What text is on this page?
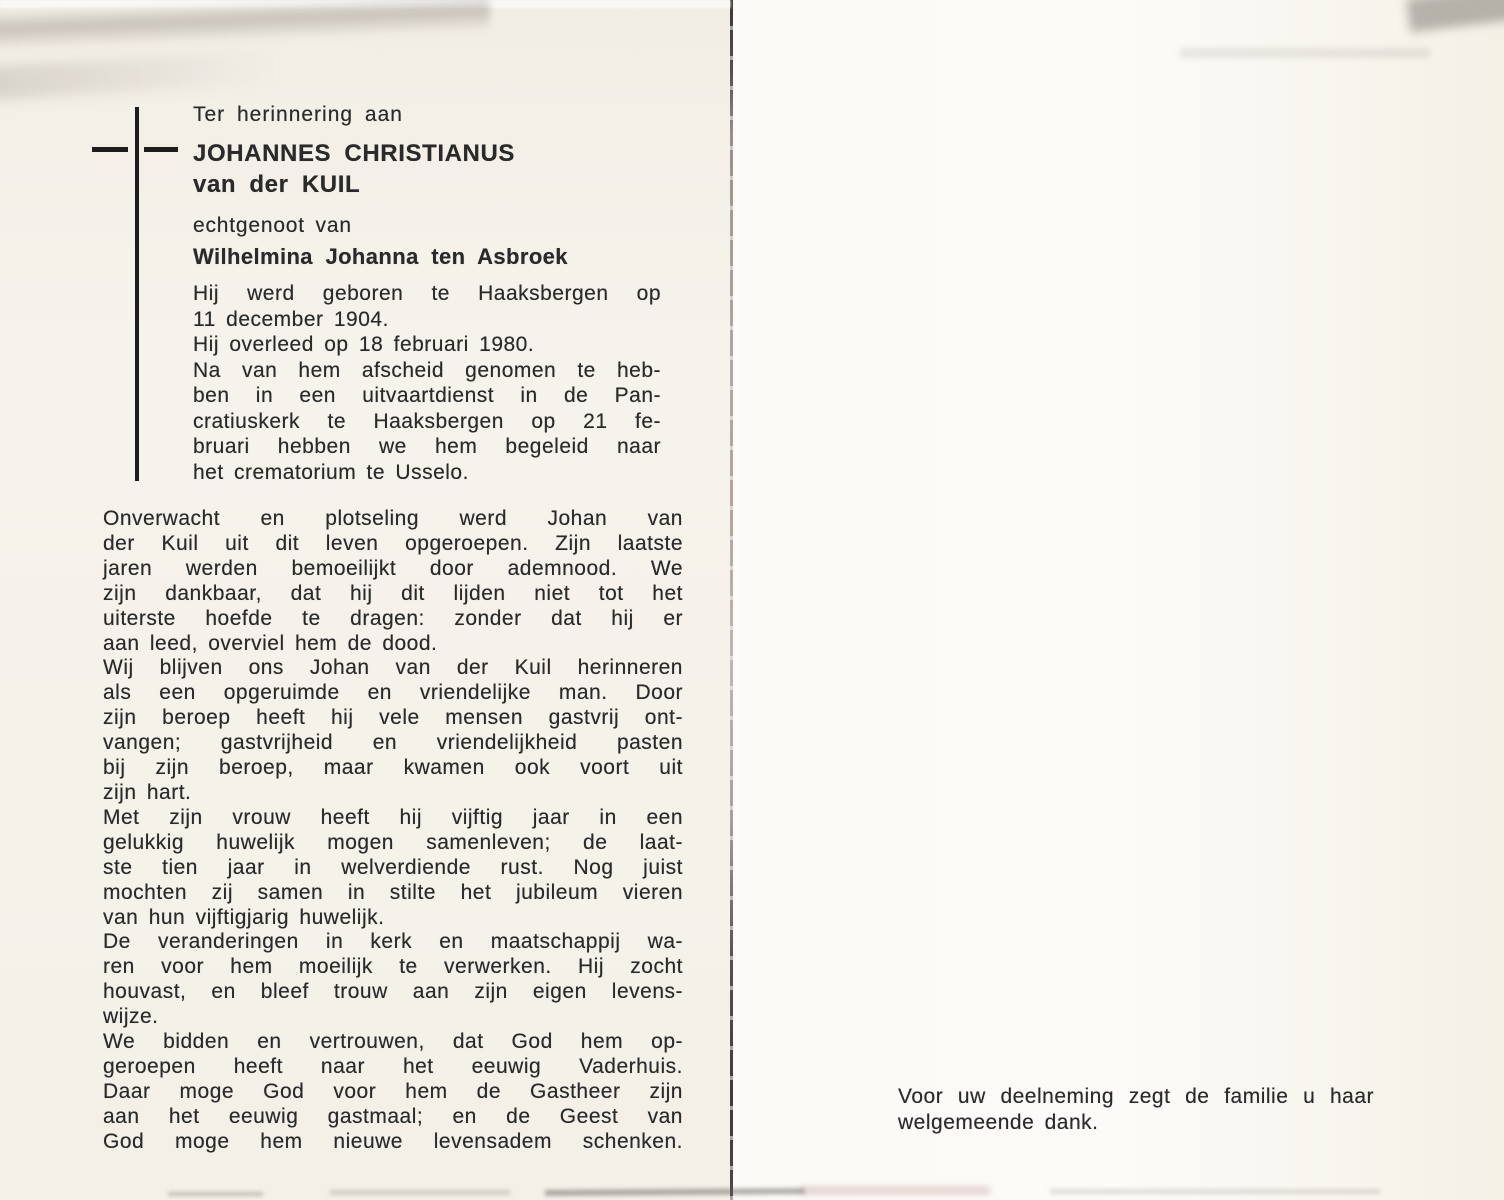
Ter herinnering aan
JOHANNES CHRISTIANUS
van der KUIL
echtgenoot van
Wilhelmina Johanna ten Asbroek
Hij werd geboren te Haaksbergen op
11 december 1904.
Hij overleed op 18 februari 1980.
Na van hem afscheid genomen te heb-
ben in een uitvaartdienst in de Pan-
cratiuskerk te Haaksbergen op 21 fe-
bruari hebben we hem begeleid naar
het crematorium te Usselo.
Onverwacht en plotseling werd Johan van
der Kuil uit dit leven opgeroepen. Zijn laatste
jaren werden bemoeilijkt door ademnood. We
zijn dankbaar, dat hij dit lijden niet tot het
uiterste hoefde te dragen: zonder dat hij er
aan leed, overviel hem de dood.
Wij blijven ons Johan van der Kuil herinneren
als een opgeruimde en vriendelijke man. Door
zijn beroep heeft hij vele mensen gastvrij ont-
vangen; gastvrijheid en vriendelijkheid pasten
bij zijn beroep, maar kwamen ook voort uit
zijn hart.
Met zijn vrouw heeft hij vijftig jaar in een
gelukkig huwelijk mogen samenleven; de laat-
ste tien jaar in welverdiende rust. Nog juist
mochten zij samen in stilte het jubileum vieren
van hun vijftigjarig huwelijk.
De veranderingen in kerk en maatschappij wa-
ren voor hem moeilijk te verwerken. Hij zocht
houvast, en bleef trouw aan zijn eigen levens-
wijze.
We bidden en vertrouwen, dat God hem op-
geroepen heeft naar het eeuwig Vaderhuis.
Daar moge God voor hem de Gastheer zijn
aan het eeuwig gastmaal; en de Geest van
God moge hem nieuwe levensadem schenken.
Voor uw deelneming zegt de familie u haar
welgemeende dank.
